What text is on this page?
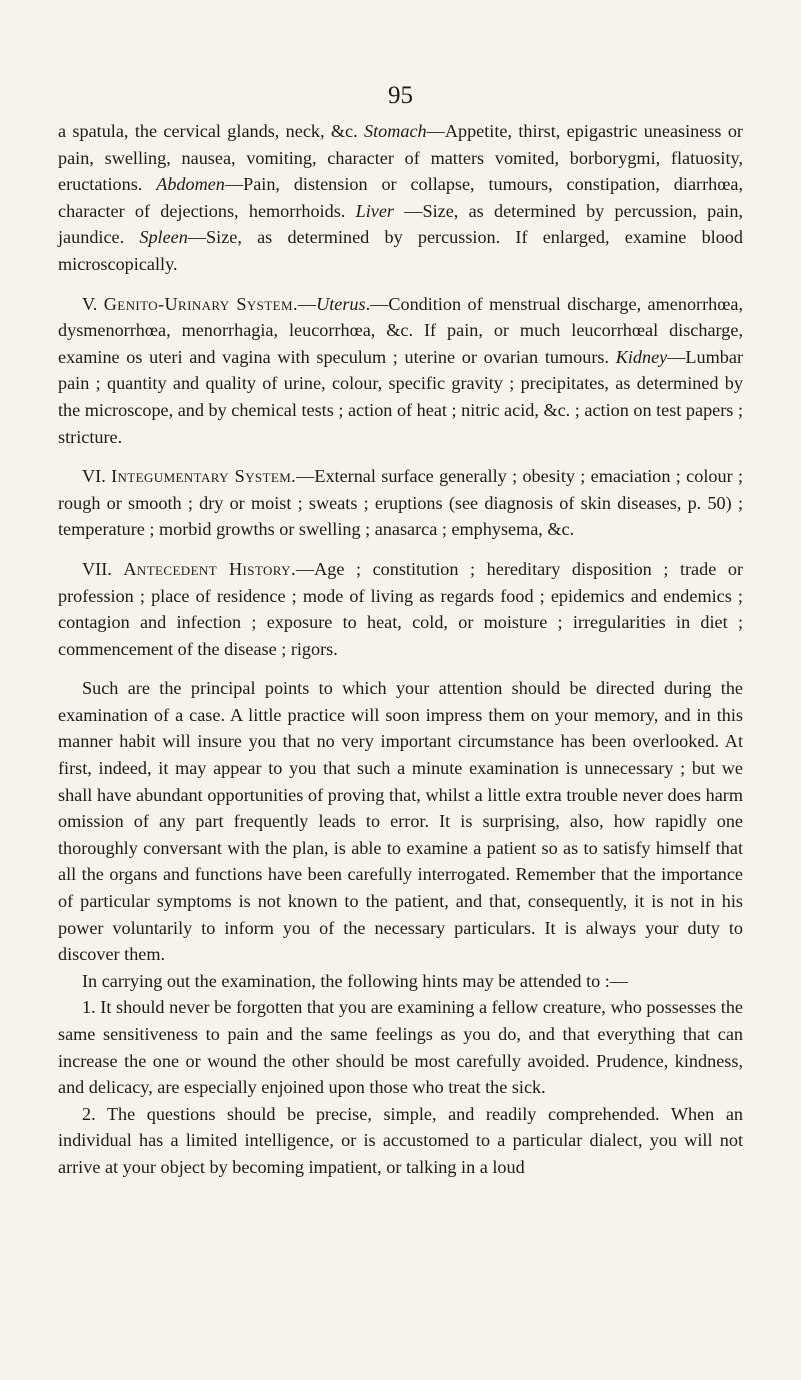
95

a spatula, the cervical glands, neck, &c. Stomach—Appetite, thirst, epigastric uneasiness or pain, swelling, nausea, vomiting, character of matters vomited, borborygmi, flatuosity, eructations. Abdomen—Pain, distension or collapse, tumours, constipation, diarrhœa, character of dejections, hemorrhoids. Liver —Size, as determined by percussion, pain, jaundice. Spleen—Size, as determined by percussion. If enlarged, examine blood microscopically.

V. Genito-Urinary System.—Uterus.—Condition of menstrual discharge, amenorrhœa, dysmenorrhœa, menorrhagia, leucorrhœa, &c. If pain, or much leucorrhœal discharge, examine os uteri and vagina with speculum ; uterine or ovarian tumours. Kidney—Lumbar pain ; quantity and quality of urine, colour, specific gravity ; precipitates, as determined by the microscope, and by chemical tests ; action of heat ; nitric acid, &c. ; action on test papers ; stricture.

VI. Integumentary System.—External surface generally ; obesity ; emaciation ; colour ; rough or smooth ; dry or moist ; sweats ; eruptions (see diagnosis of skin diseases, p. 50) ; temperature ; morbid growths or swelling ; anasarca ; emphysema, &c.

VII. Antecedent History.—Age ; constitution ; hereditary disposition ; trade or profession ; place of residence ; mode of living as regards food ; epidemics and endemics ; contagion and infection ; exposure to heat, cold, or moisture ; irregularities in diet ; commencement of the disease ; rigors.

Such are the principal points to which your attention should be directed during the examination of a case. A little practice will soon impress them on your memory, and in this manner habit will insure you that no very important circumstance has been overlooked. At first, indeed, it may appear to you that such a minute examination is unnecessary ; but we shall have abundant opportunities of proving that, whilst a little extra trouble never does harm omission of any part frequently leads to error. It is surprising, also, how rapidly one thoroughly conversant with the plan, is able to examine a patient so as to satisfy himself that all the organs and functions have been carefully interrogated. Remember that the importance of particular symptoms is not known to the patient, and that, consequently, it is not in his power voluntarily to inform you of the necessary particulars. It is always your duty to discover them.

In carrying out the examination, the following hints may be attended to :—

1. It should never be forgotten that you are examining a fellow creature, who possesses the same sensitiveness to pain and the same feelings as you do, and that everything that can increase the one or wound the other should be most carefully avoided. Prudence, kindness, and delicacy, are especially enjoined upon those who treat the sick.

2. The questions should be precise, simple, and readily comprehended. When an individual has a limited intelligence, or is accustomed to a particular dialect, you will not arrive at your object by becoming impatient, or talking in a loud
